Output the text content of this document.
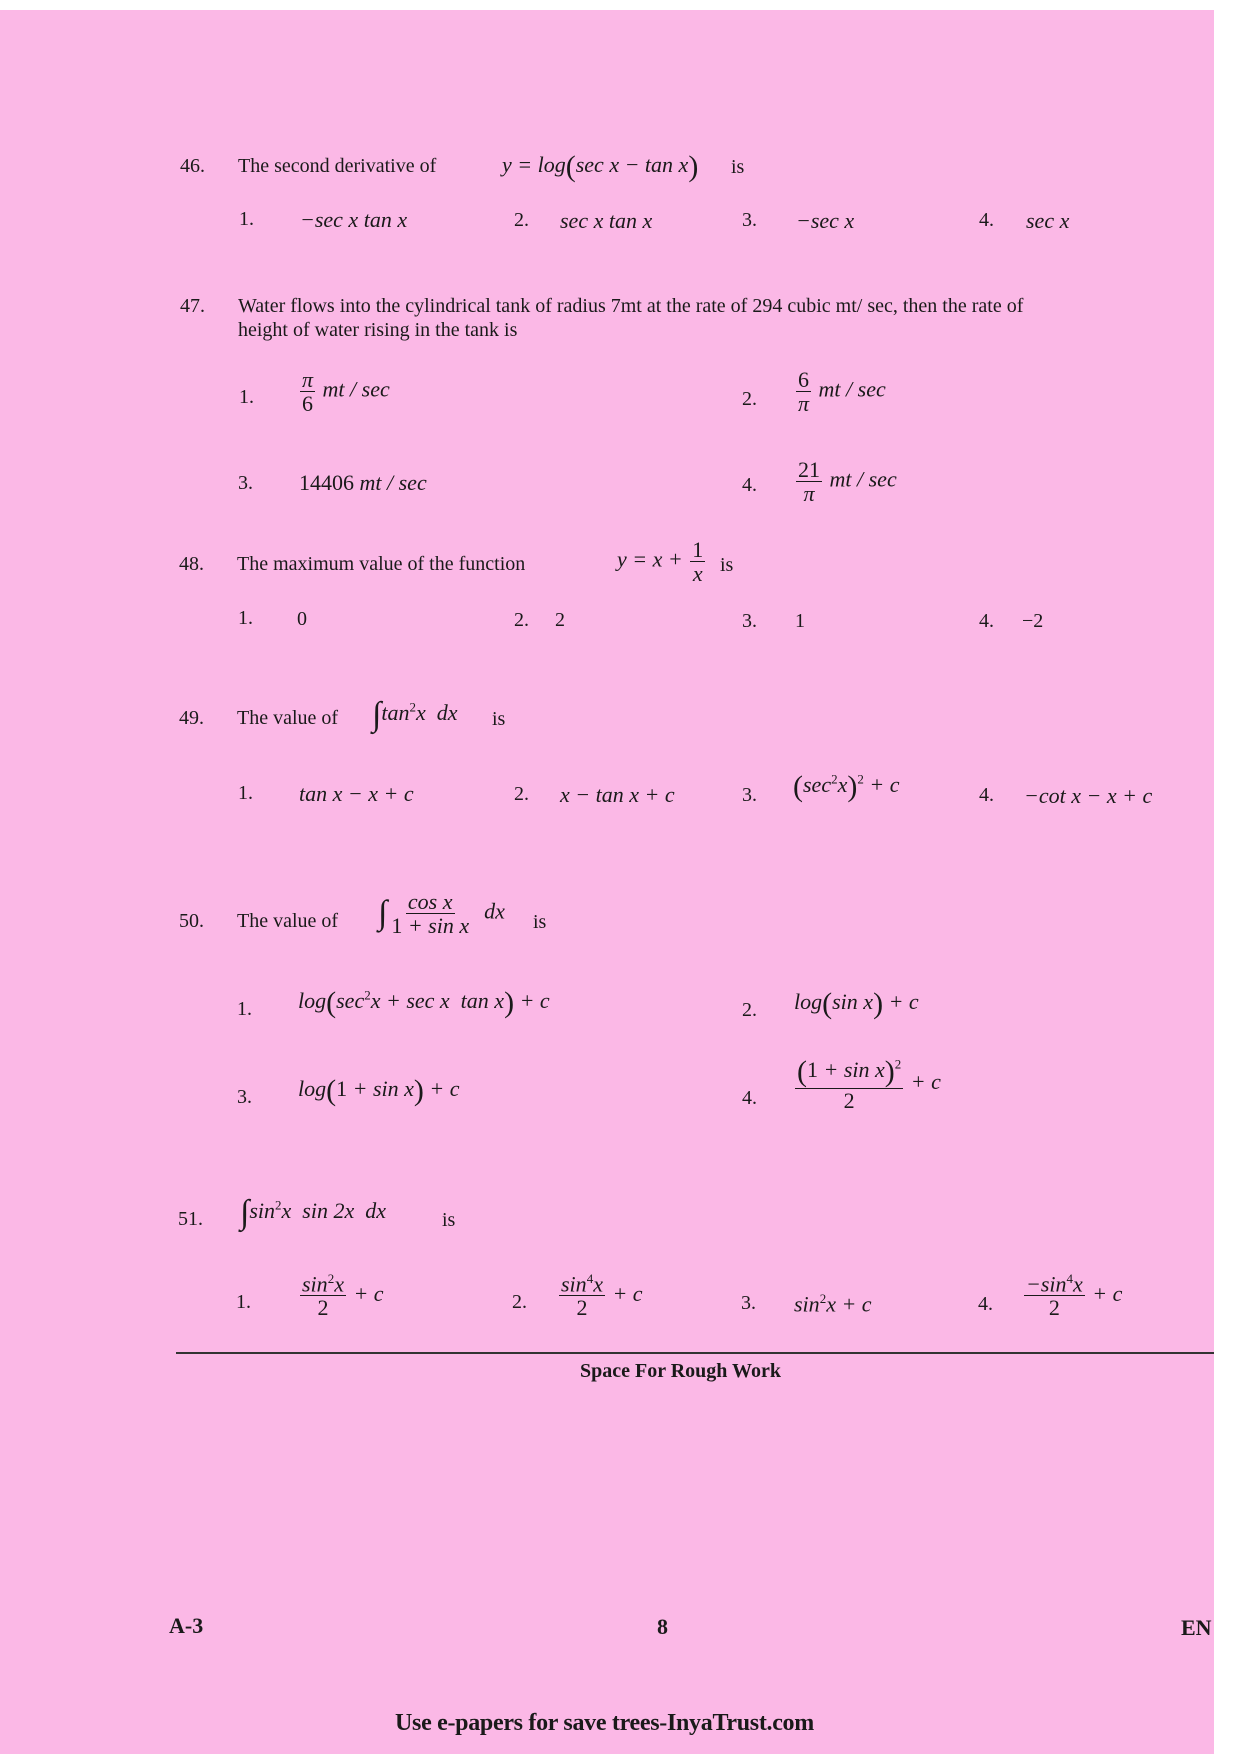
46. The second derivative of	y = log(sec x − tan x) is
1. −sec x tan x	2. sec x tan x	3. −sec x	4. sec x
47. Water flows into the cylindrical tank of radius 7mt at the rate of 294 cubic mt/ sec, then the rate of
height of water rising in the tank is
1. $\frac{\pi}{6}$ mt / sec	2. $\frac{6}{\pi}$ mt / sec
3. 14406 mt / sec	4. $\frac{21}{\pi}$ mt / sec
48. The maximum value of the function	$y = x + \frac{1}{x}$ is
1. 0	2. 2	3. 1	4. −2
49. The value of $\int\tan^2x$  dx is
1. tan x − x + c	2. x − tan x + c	3. $(\sec^2x)^2 + c$	4. −cot x − x + c
50. The value of ∫ $\frac{\text{cos x}}{\text{1 + sin x}}$ dx is
1. $\log(\sec^2x + \sec x$  tan x) + c	2. log(sin x) + c
3. log(1 + sin x) + c	4. $\frac{(1 + \sin x)^2}{2} + c$
51. $\int\sin^2x$  sin 2x  dx	is
1. $\frac{\sin^2x}{2} + c$	2. $\frac{\sin^4x}{2} + c$	3. $\sin^2x + c$	4. $\frac{-\sin^4x}{2} + c$
Space For Rough Work
A-3	8	EN
Use e-papers for save trees-InyaTrust.com
